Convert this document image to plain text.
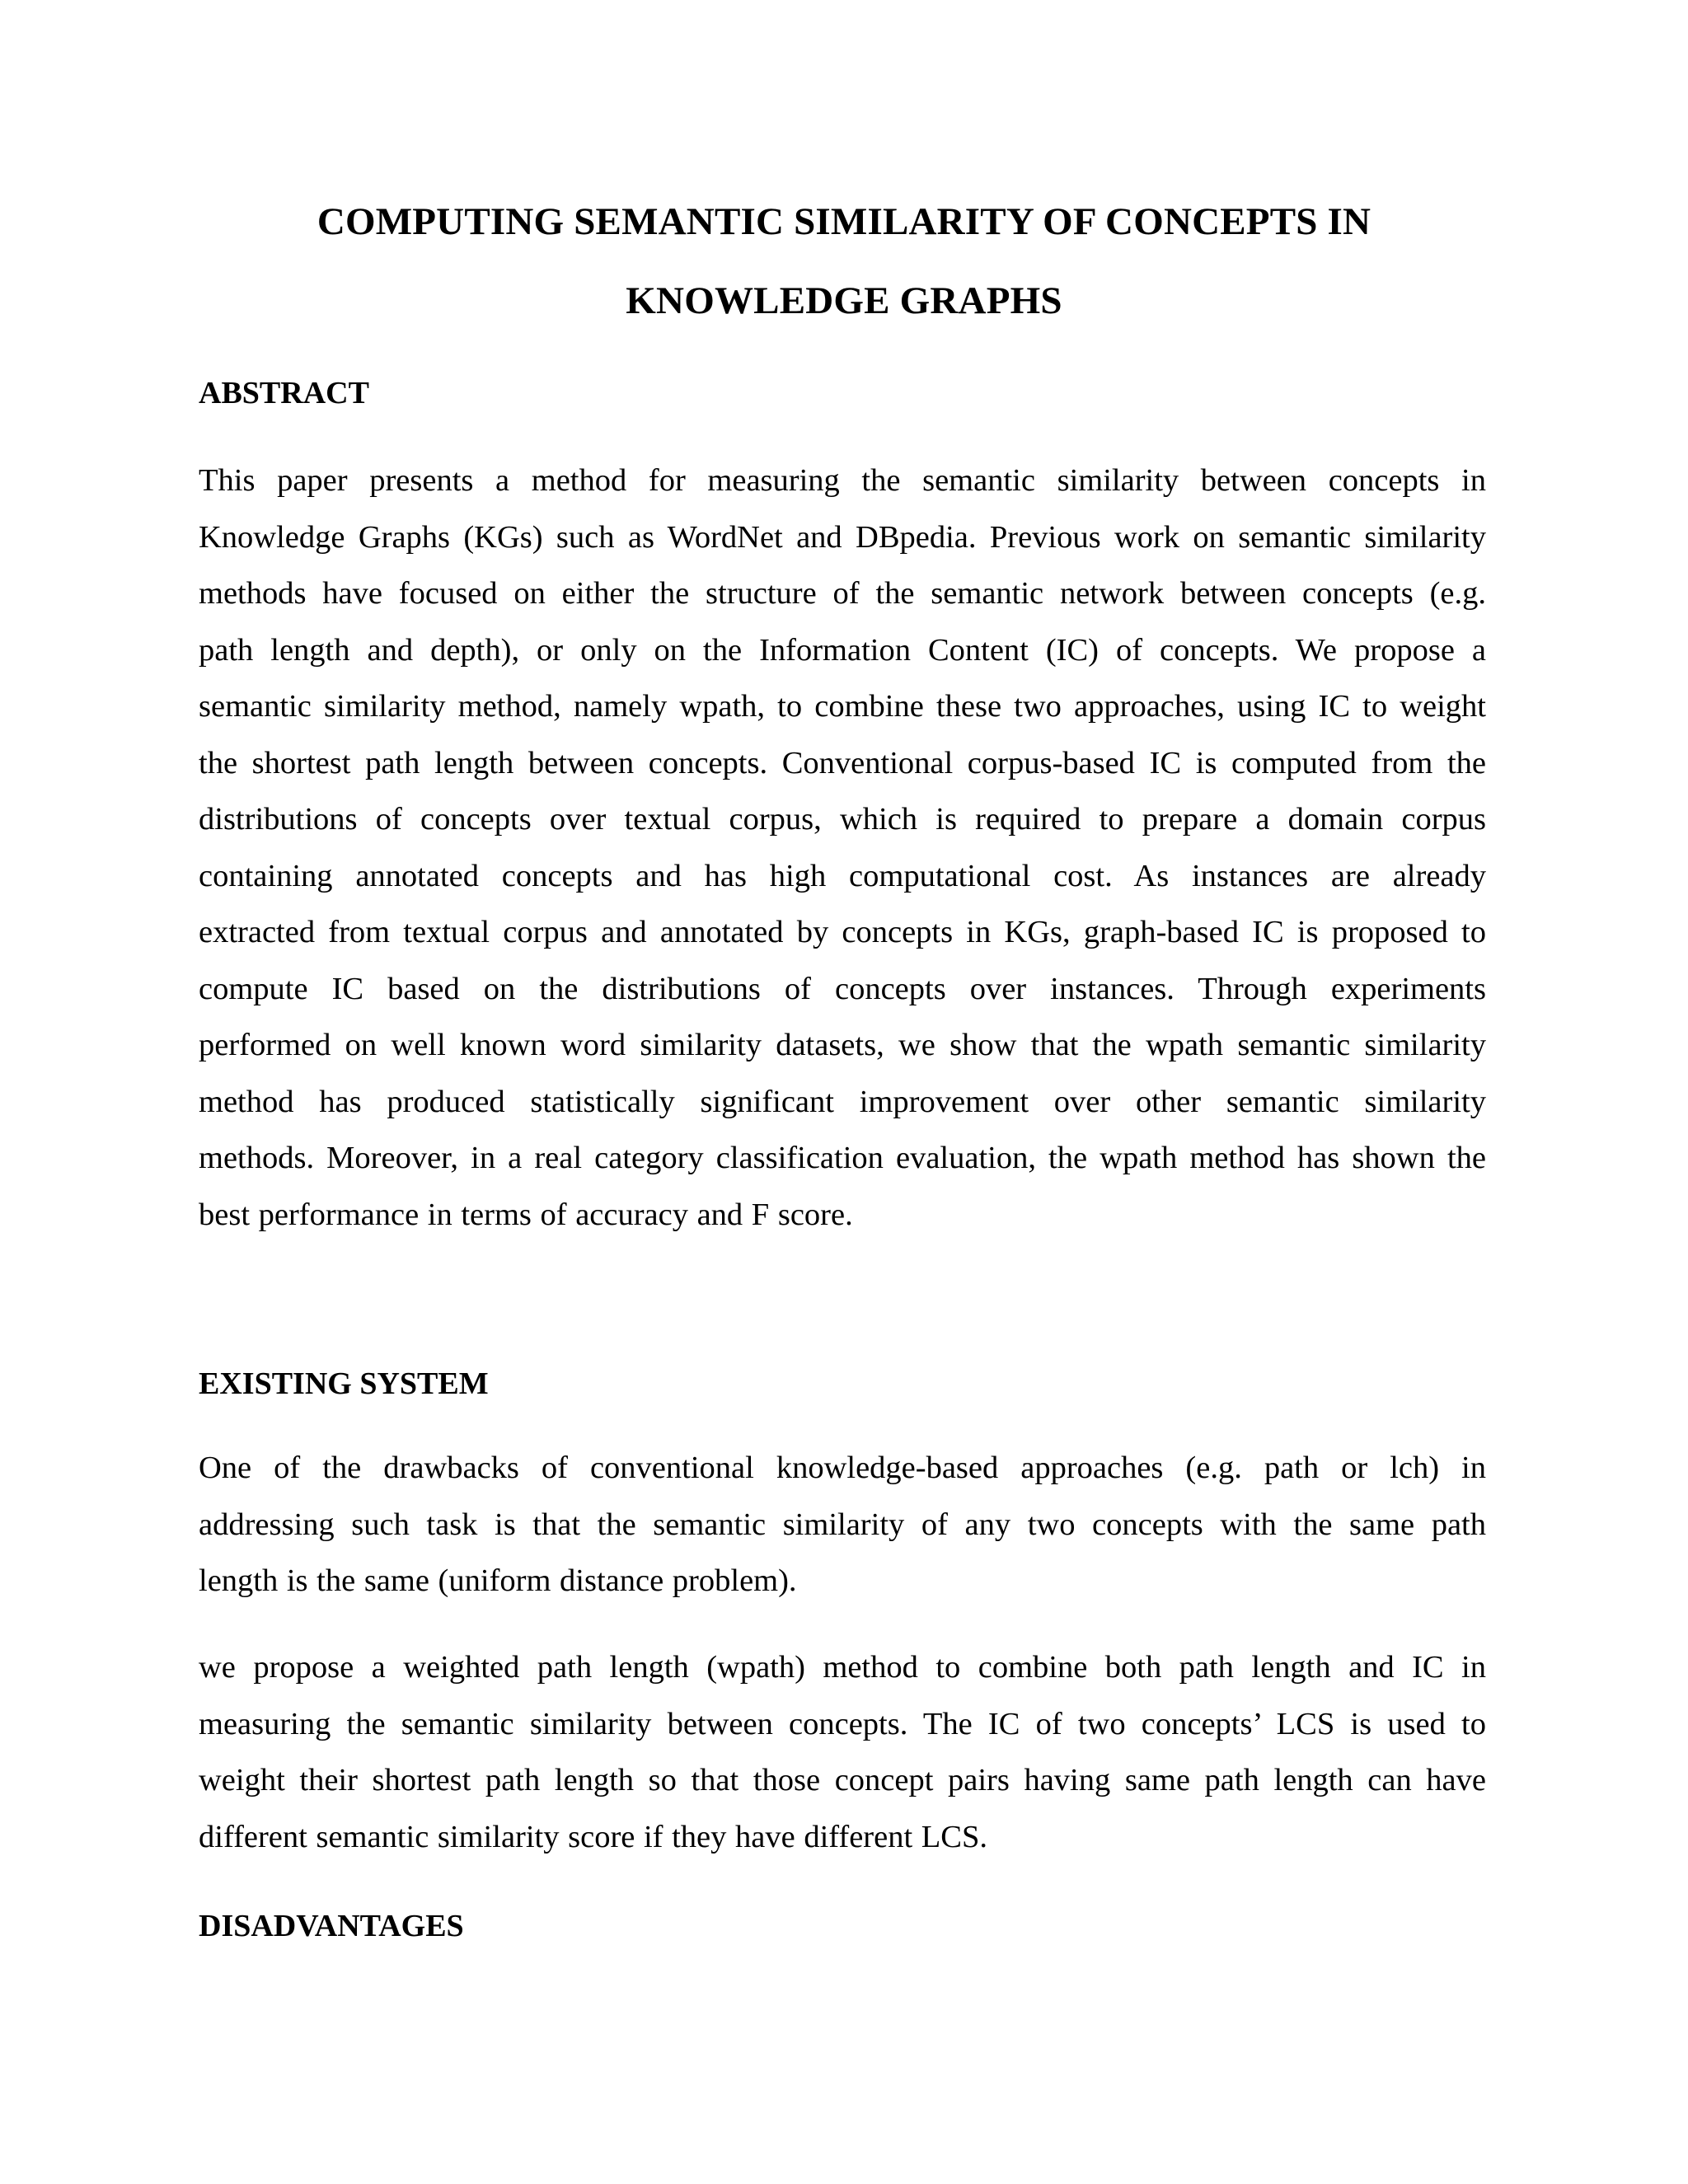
COMPUTING SEMANTIC SIMILARITY OF CONCEPTS IN
KNOWLEDGE GRAPHS
ABSTRACT
This paper presents a method for measuring the semantic similarity between concepts in
Knowledge Graphs (KGs) such as WordNet and DBpedia. Previous work on semantic similarity
methods have focused on either the structure of the semantic network between concepts (e.g.
path length and depth), or only on the Information Content (IC) of concepts. We propose a
semantic similarity method, namely wpath, to combine these two approaches, using IC to weight
the shortest path length between concepts. Conventional corpus-based IC is computed from the
distributions of concepts over textual corpus, which is required to prepare a domain corpus
containing annotated concepts and has high computational cost. As instances are already
extracted from textual corpus and annotated by concepts in KGs, graph-based IC is proposed to
compute IC based on the distributions of concepts over instances. Through experiments
performed on well known word similarity datasets, we show that the wpath semantic similarity
method has produced statistically significant improvement over other semantic similarity
methods. Moreover, in a real category classification evaluation, the wpath method has shown the
best performance in terms of accuracy and F score.
EXISTING SYSTEM
One of the drawbacks of conventional knowledge-based approaches (e.g. path or lch) in
addressing such task is that the semantic similarity of any two concepts with the same path
length is the same (uniform distance problem).
we propose a weighted path length (wpath) method to combine both path length and IC in
measuring the semantic similarity between concepts. The IC of two concepts’ LCS is used to
weight their shortest path length so that those concept pairs having same path length can have
different semantic similarity score if they have different LCS.
DISADVANTAGES
